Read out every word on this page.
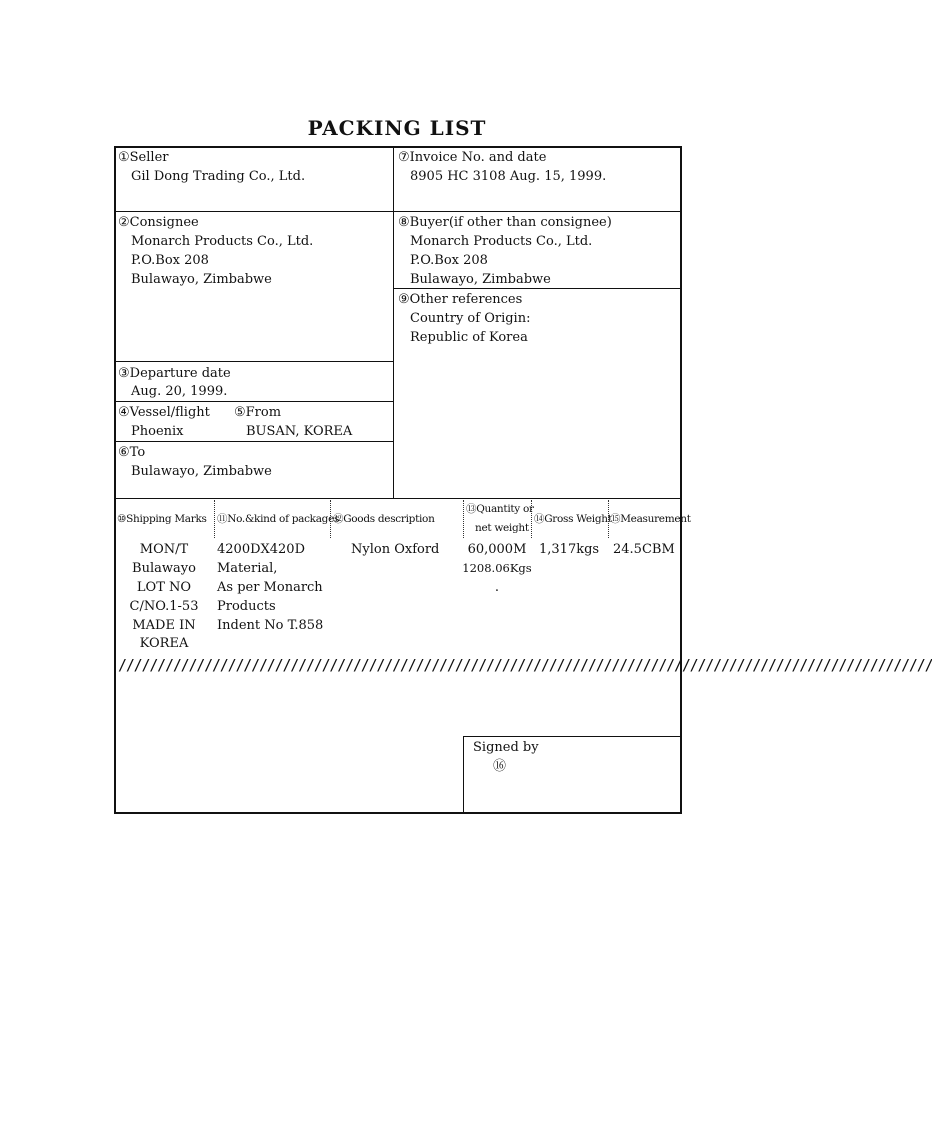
PACKING LIST
①Seller
Gil Dong Trading Co., Ltd.
⑦Invoice No. and date
8905 HC 3108 Aug. 15, 1999.
②Consignee
Monarch Products Co., Ltd.
P.O.Box 208
Bulawayo, Zimbabwe
⑧Buyer(if other than consignee)
Monarch Products Co., Ltd.
P.O.Box 208
Bulawayo, Zimbabwe
⑨Other references
Country of Origin:
Republic of Korea
③Departure date
Aug. 20, 1999.
④Vessel/flight ⑤From
Phoenix	BUSAN, KOREA
⑥To
Bulawayo, Zimbabwe
⑩Shipping Marks ⑪No.&kind of packages
⑫Goods description
⑬Quantity or
net weight
⑭Gross Weight
⑮Measurement
MON/T
Bulawayo
LOT NO
C/NO.1-53
MADE IN
KOREA
4200DX420D
Material,
As per Monarch
Products
Indent No T.858
Nylon Oxford	60,000M
1208.06Kgs
.
1,317kgs 24.5CBM
////////////////////////////////////////////////////////////////////////////////////////////////////////
Signed by
⑯
